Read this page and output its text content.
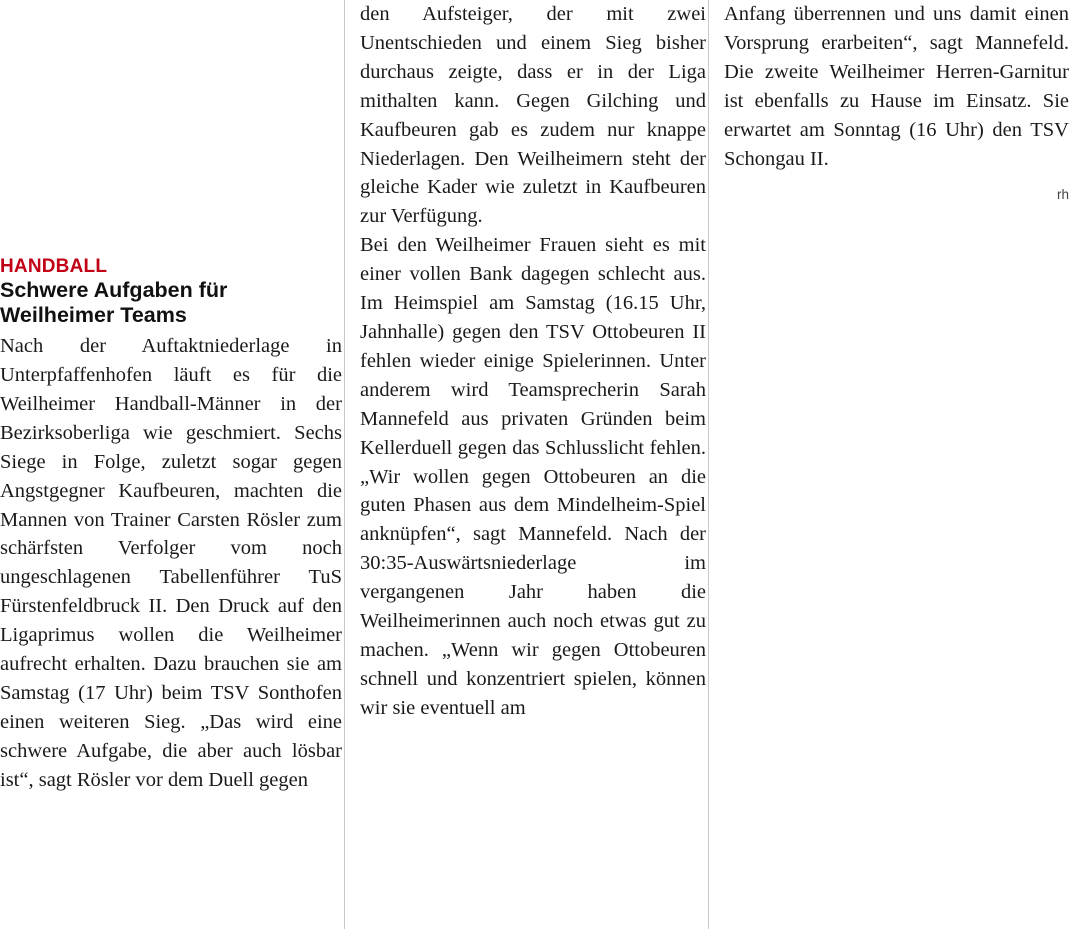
HANDBALL
Schwere Aufgaben für Weilheimer Teams

Nach der Auftaktniederlage in Unterpfaffenhofen läuft es für die Weilheimer Handball-Männer in der Bezirksoberliga wie geschmiert. Sechs Siege in Folge, zuletzt sogar gegen Angstgegner Kaufbeuren, machten die Mannen von Trainer Carsten Rösler zum schärfsten Verfolger vom noch ungeschlagenen Tabellenführer TuS Fürstenfeldbruck II. Den Druck auf den Ligaprimus wollen die Weilheimer aufrecht erhalten. Dazu brauchen sie am Samstag (17 Uhr) beim TSV Sonthofen einen weiteren Sieg. „Das wird eine schwere Aufgabe, die aber auch lösbar ist“, sagt Rösler vor dem Duell gegen

den Aufsteiger, der mit zwei Unentschieden und einem Sieg bisher durchaus zeigte, dass er in der Liga mithalten kann. Gegen Gilching und Kaufbeuren gab es zudem nur knappe Niederlagen. Den Weilheimern steht der gleiche Kader wie zuletzt in Kaufbeuren zur Verfügung.

Bei den Weilheimer Frauen sieht es mit einer vollen Bank dagegen schlecht aus. Im Heimspiel am Samstag (16.15 Uhr, Jahnhalle) gegen den TSV Ottobeuren II fehlen wieder einige Spielerinnen. Unter anderem wird Teamsprecherin Sarah Mannefeld aus privaten Gründen beim Kellerduell gegen das Schlusslicht fehlen. „Wir wollen gegen Ottobeuren an die guten Phasen aus dem Mindelheim-Spiel anknüpfen“, sagt Mannefeld. Nach der 30:35-Auswärtsniederlage im vergangenen Jahr haben die Weilheimerinnen auch noch etwas gut zu machen. „Wenn wir gegen Ottobeuren schnell und konzentriert spielen, können wir sie eventuell am

Anfang überrennen und uns damit einen Vorsprung erarbeiten“, sagt Mannefeld. Die zweite Weilheimer Herren-Garnitur ist ebenfalls zu Hause im Einsatz. Sie erwartet am Sonntag (16 Uhr) den TSV Schongau II.

rh
